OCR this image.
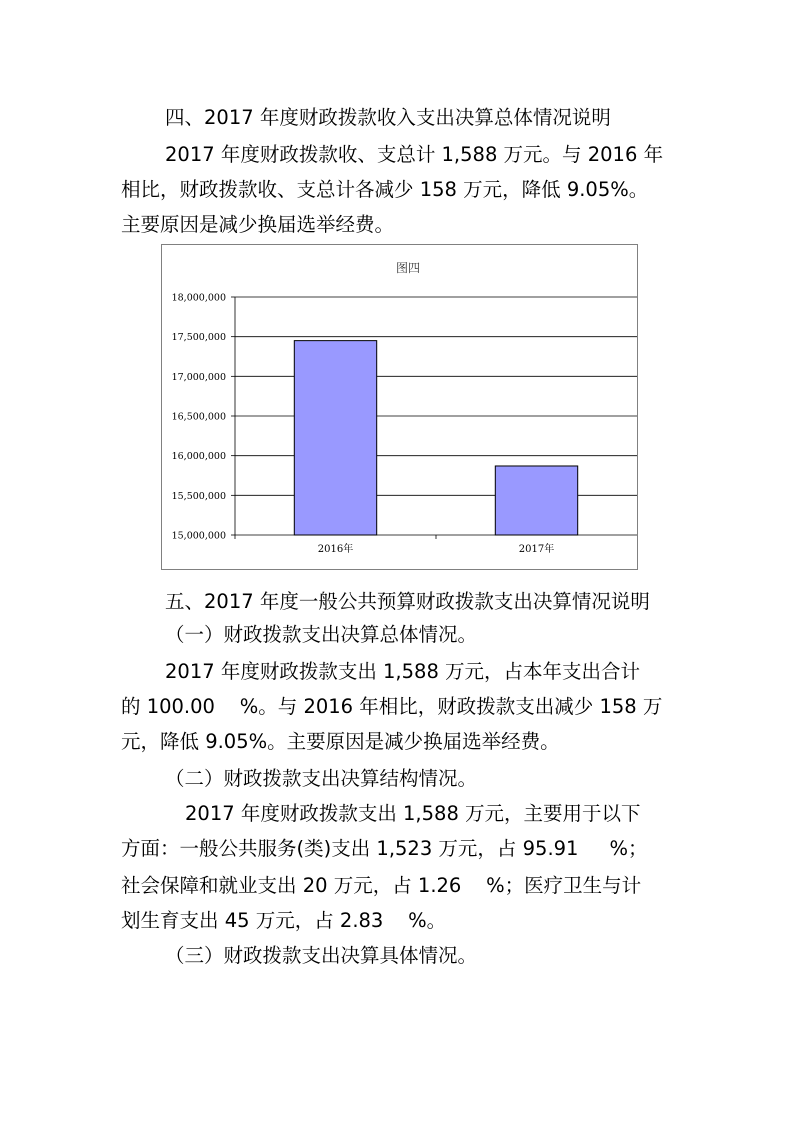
四、2017 年度财政拨款收入支出决算总体情况说明
2017 年度财政拨款收、支总计 1,588 万元。与 2016 年
相比，财政拨款收、支总计各减少 158 万元，降低 9.05%。
主要原因是减少换届选举经费。
图四
15,000,000
15,500,000
16,000,000
16,500,000
17,000,000
17,500,000
18,000,000
2016年	2017年
五、2017 年度一般公共预算财政拨款支出决算情况说明
（一）财政拨款支出决算总体情况。
2017 年度财政拨款支出 1,588 万元，占本年支出合计
的 100.00    %。与 2016 年相比，财政拨款支出减少 158 万
元，降低 9.05%。主要原因是减少换届选举经费。
（二）财政拨款支出决算结构情况。
2017 年度财政拨款支出 1,588 万元，主要用于以下
方面：一般公共服务(类)支出 1,523 万元，占 95.91     %；
社会保障和就业支出 20 万元，占 1.26    %；医疗卫生与计
划生育支出 45 万元，占 2.83    %。
（三）财政拨款支出决算具体情况。
